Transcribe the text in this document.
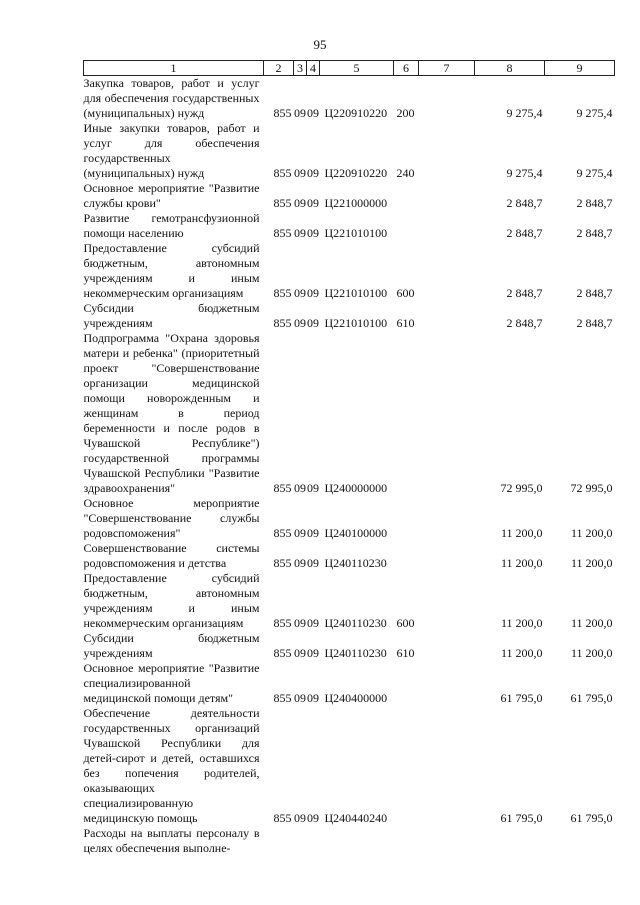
95
1	2	3	4	5	6	7	8	9
Закупка товаров, работ и услуг для обеспечения государственных (муниципальных) нужд	855	09	09	Ц220910220	200		9 275,4	9 275,4
Иные закупки товаров, работ и услуг для обеспечения государственных (муниципальных) нужд	855	09	09	Ц220910220	240		9 275,4	9 275,4
Основное мероприятие "Развитие службы крови"	855	09	09	Ц221000000			2 848,7	2 848,7
Развитие гемотрансфузионной помощи населению	855	09	09	Ц221010100			2 848,7	2 848,7
Предоставление субсидий бюджетным, автономным учреждениям и иным некоммерческим организациям	855	09	09	Ц221010100	600		2 848,7	2 848,7
Субсидии бюджетным учреждениям	855	09	09	Ц221010100	610		2 848,7	2 848,7
Подпрограмма "Охрана здоровья матери и ребенка" (приоритетный проект "Совершенствование организации медицинской помощи новорожденным и женщинам в период беременности и после родов в Чувашской Республике") государственной программы Чувашской Республики "Развитие здравоохранения"	855	09	09	Ц240000000			72 995,0	72 995,0
Основное мероприятие "Совершенствование службы родовспоможения"	855	09	09	Ц240100000			11 200,0	11 200,0
Совершенствование системы родовспоможения и детства	855	09	09	Ц240110230			11 200,0	11 200,0
Предоставление субсидий бюджетным, автономным учреждениям и иным некоммерческим организациям	855	09	09	Ц240110230	600		11 200,0	11 200,0
Субсидии бюджетным учреждениям	855	09	09	Ц240110230	610		11 200,0	11 200,0
Основное мероприятие "Развитие специализированной медицинской помощи детям"	855	09	09	Ц240400000			61 795,0	61 795,0
Обеспечение деятельности государственных организаций Чувашской Республики для детей-сирот и детей, оставшихся без попечения родителей, оказывающих специализированную медицинскую помощь	855	09	09	Ц240440240			61 795,0	61 795,0
Расходы на выплаты персоналу в целях обеспечения выполне-								
